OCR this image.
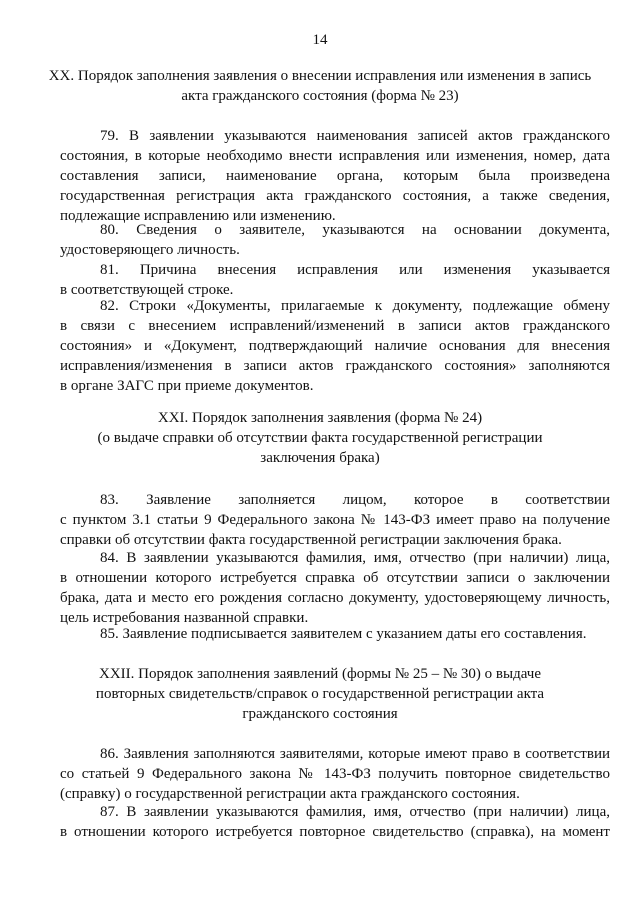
14
XX. Порядок заполнения заявления о внесении исправления или изменения в запись
акта гражданского состояния (форма № 23)

79. В заявлении указываются наименования записей актов гражданского
состояния, в которые необходимо внести исправления или изменения, номер, дата
составления записи, наименование органа, которым была произведена
государственная регистрация акта гражданского состояния, а также сведения,
подлежащие исправлению или изменению.

80. Сведения о заявителе, указываются на основании документа,
удостоверяющего личность.

81. Причина внесения исправления или изменения указывается
в соответствующей строке.

82. Строки «Документы, прилагаемые к документу, подлежащие обмену
в связи с внесением исправлений/изменений в записи актов гражданского
состояния» и «Документ, подтверждающий наличие основания для внесения
исправления/изменения в записи актов гражданского состояния» заполняются
в органе ЗАГС при приеме документов.

XXI. Порядок заполнения заявления (форма № 24)
(о выдаче справки об отсутствии факта государственной регистрации
заключения брака)

83. Заявление заполняется лицом, которое в соответствии
с пунктом 3.1 статьи 9 Федерального закона № 143-ФЗ имеет право на получение
справки об отсутствии факта государственной регистрации заключения брака.

84. В заявлении указываются фамилия, имя, отчество (при наличии) лица,
в отношении которого истребуется справка об отсутствии записи о заключении
брака, дата и место его рождения согласно документу, удостоверяющему личность,
цель истребования названной справки.

85. Заявление подписывается заявителем с указанием даты его составления.

XXII. Порядок заполнения заявлений (формы № 25 – № 30) о выдаче
повторных свидетельств/справок о государственной регистрации акта
гражданского состояния

86. Заявления заполняются заявителями, которые имеют право в соответствии
со статьей 9 Федерального закона № 143-ФЗ получить повторное свидетельство
(справку) о государственной регистрации акта гражданского состояния.

87. В заявлении указываются фамилия, имя, отчество (при наличии) лица,
в отношении которого истребуется повторное свидетельство (справка), на момент
